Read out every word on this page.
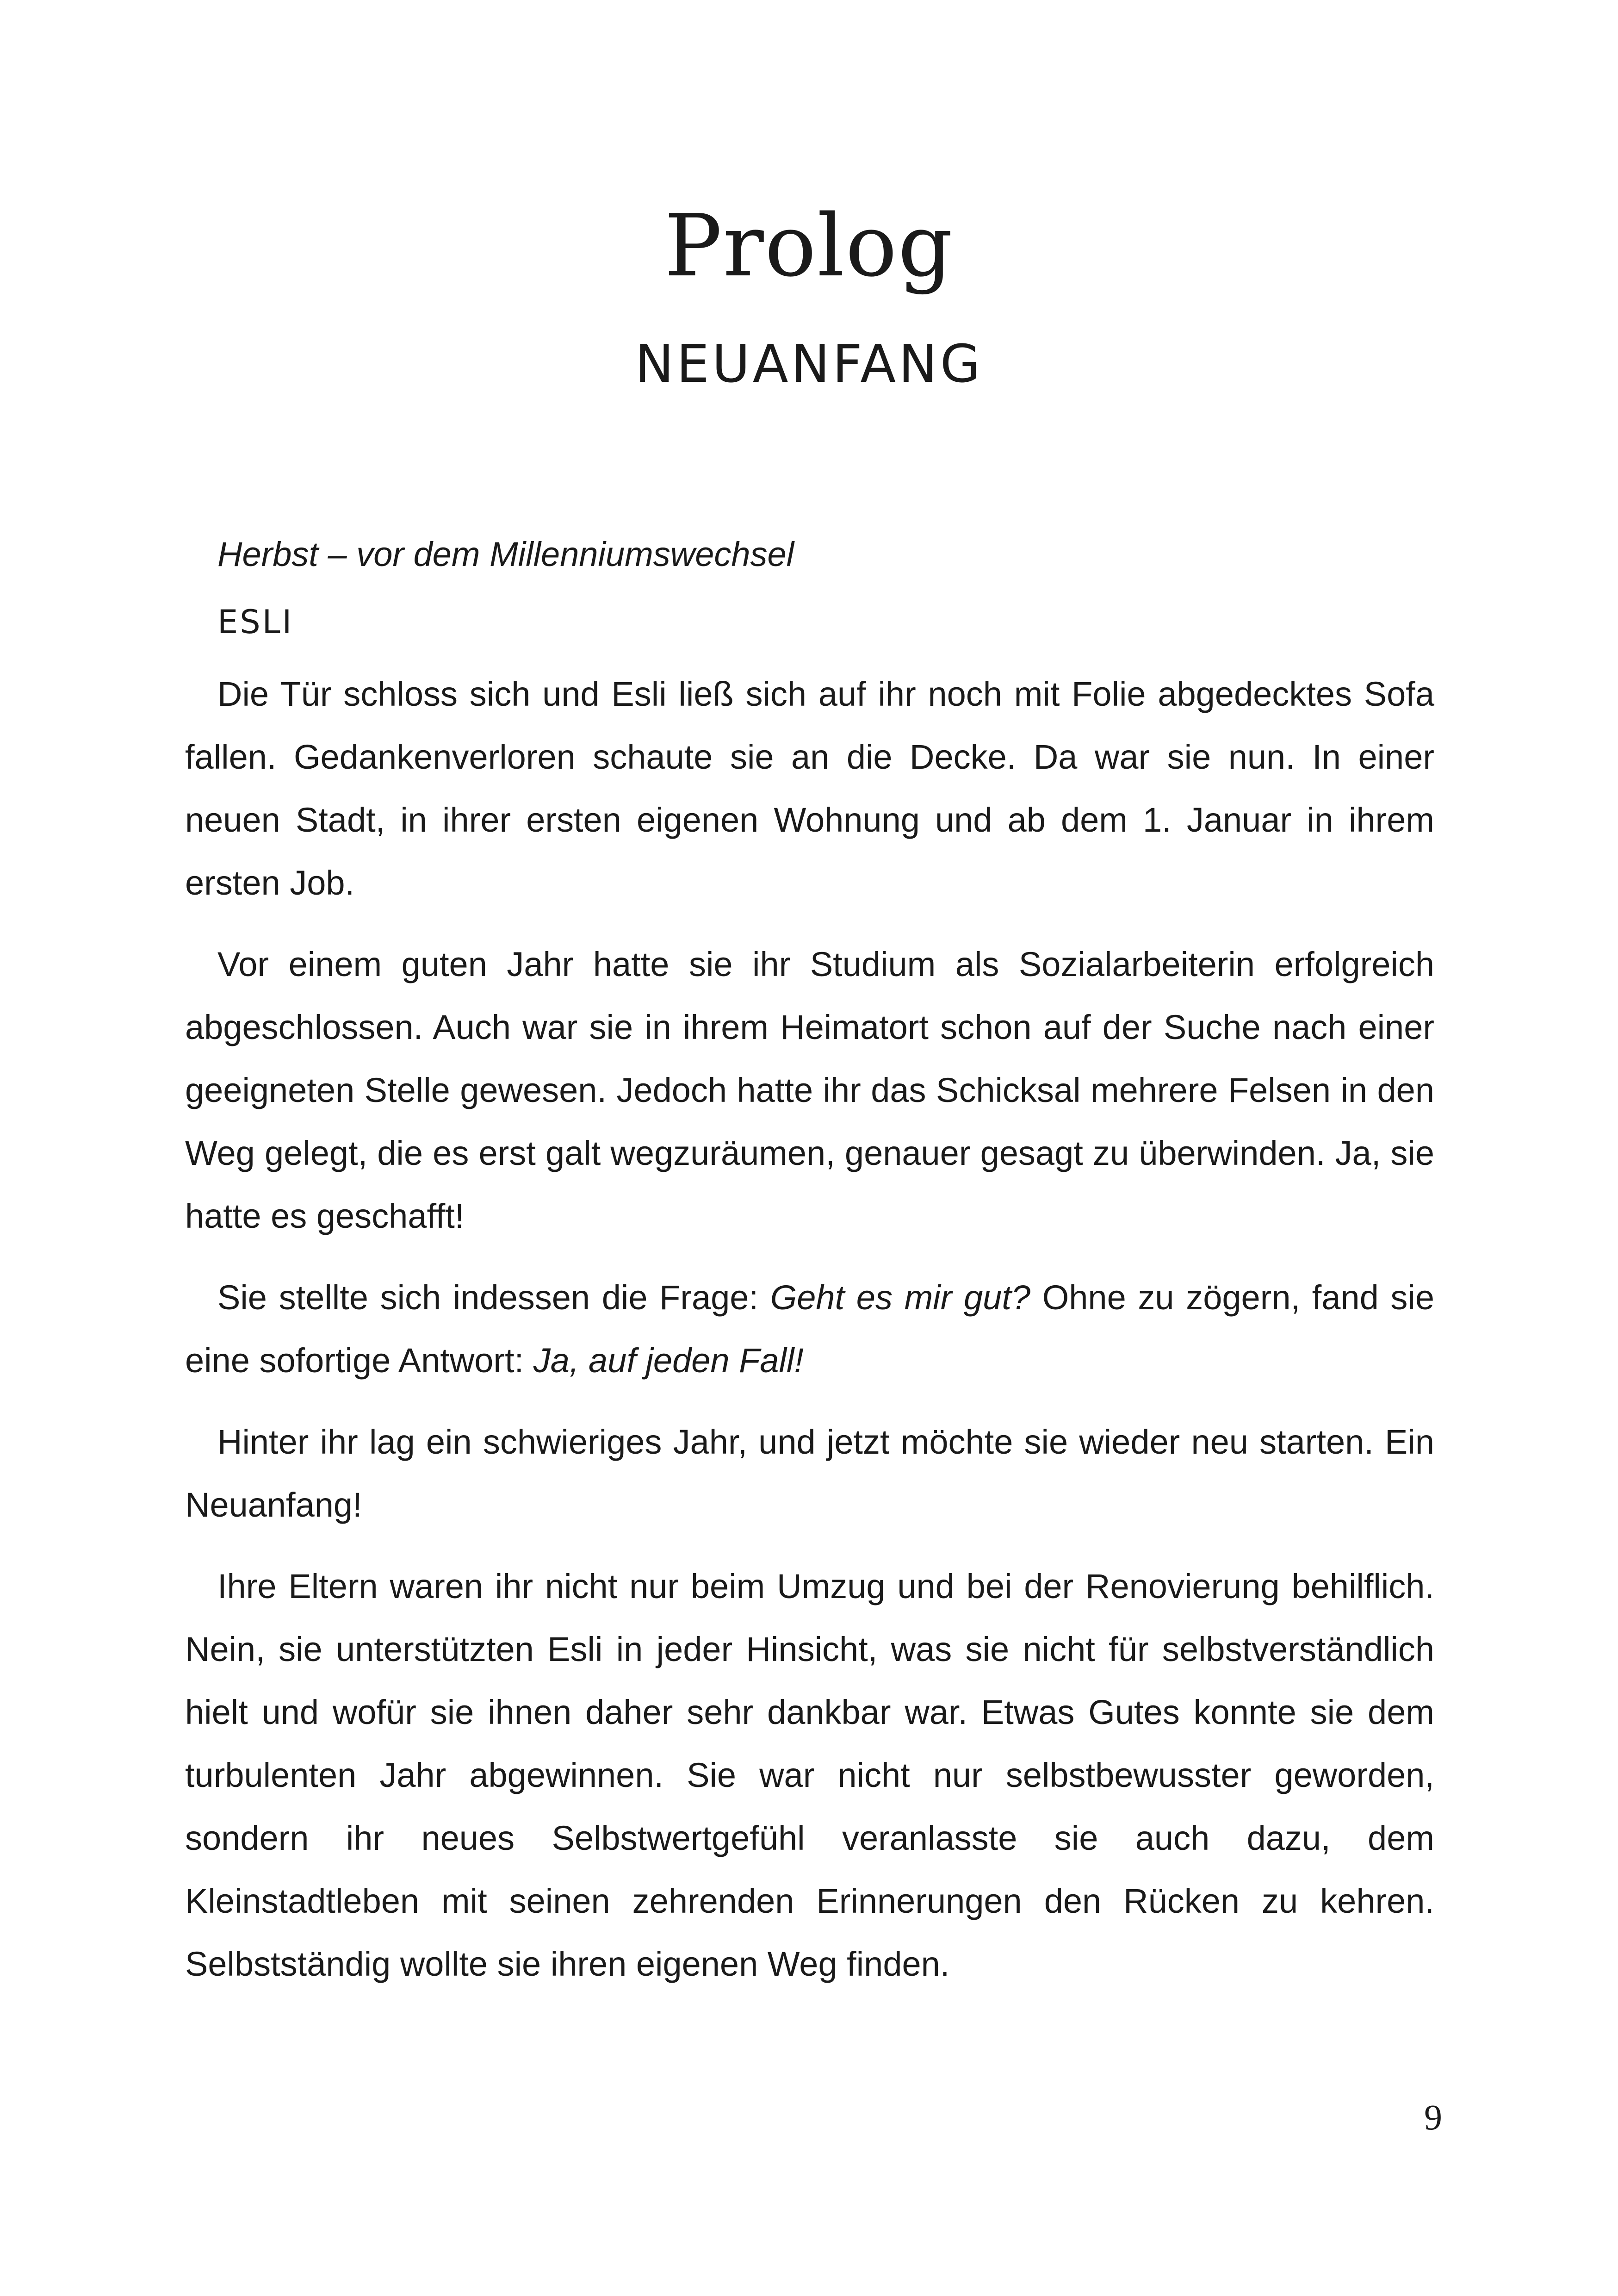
Prolog
NEUANFANG

Herbst – vor dem Millenniumswechsel

ESLI

Die Tür schloss sich und Esli ließ sich auf ihr noch mit Folie abgedecktes Sofa fallen. Gedankenverloren schaute sie an die Decke. Da war sie nun. In einer neuen Stadt, in ihrer ersten eigenen Wohnung und ab dem 1. Januar in ihrem ersten Job.

Vor einem guten Jahr hatte sie ihr Studium als Sozialarbeiterin erfolgreich abgeschlossen. Auch war sie in ihrem Heimatort schon auf der Suche nach einer geeigneten Stelle gewesen. Jedoch hatte ihr das Schicksal mehrere Felsen in den Weg gelegt, die es erst galt wegzuräumen, genauer gesagt zu überwinden. Ja, sie hatte es geschafft!

Sie stellte sich indessen die Frage: Geht es mir gut? Ohne zu zögern, fand sie eine sofortige Antwort: Ja, auf jeden Fall!

Hinter ihr lag ein schwieriges Jahr, und jetzt möchte sie wieder neu starten. Ein Neuanfang!

Ihre Eltern waren ihr nicht nur beim Umzug und bei der Renovierung behilflich. Nein, sie unterstützten Esli in jeder Hinsicht, was sie nicht für selbstverständlich hielt und wofür sie ihnen daher sehr dankbar war. Etwas Gutes konnte sie dem turbulenten Jahr abgewinnen. Sie war nicht nur selbstbewusster geworden, sondern ihr neues Selbstwertgefühl veranlasste sie auch dazu, dem Kleinstadtleben mit seinen zehrenden Erinnerungen den Rücken zu kehren. Selbstständig wollte sie ihren eigenen Weg finden.

9
